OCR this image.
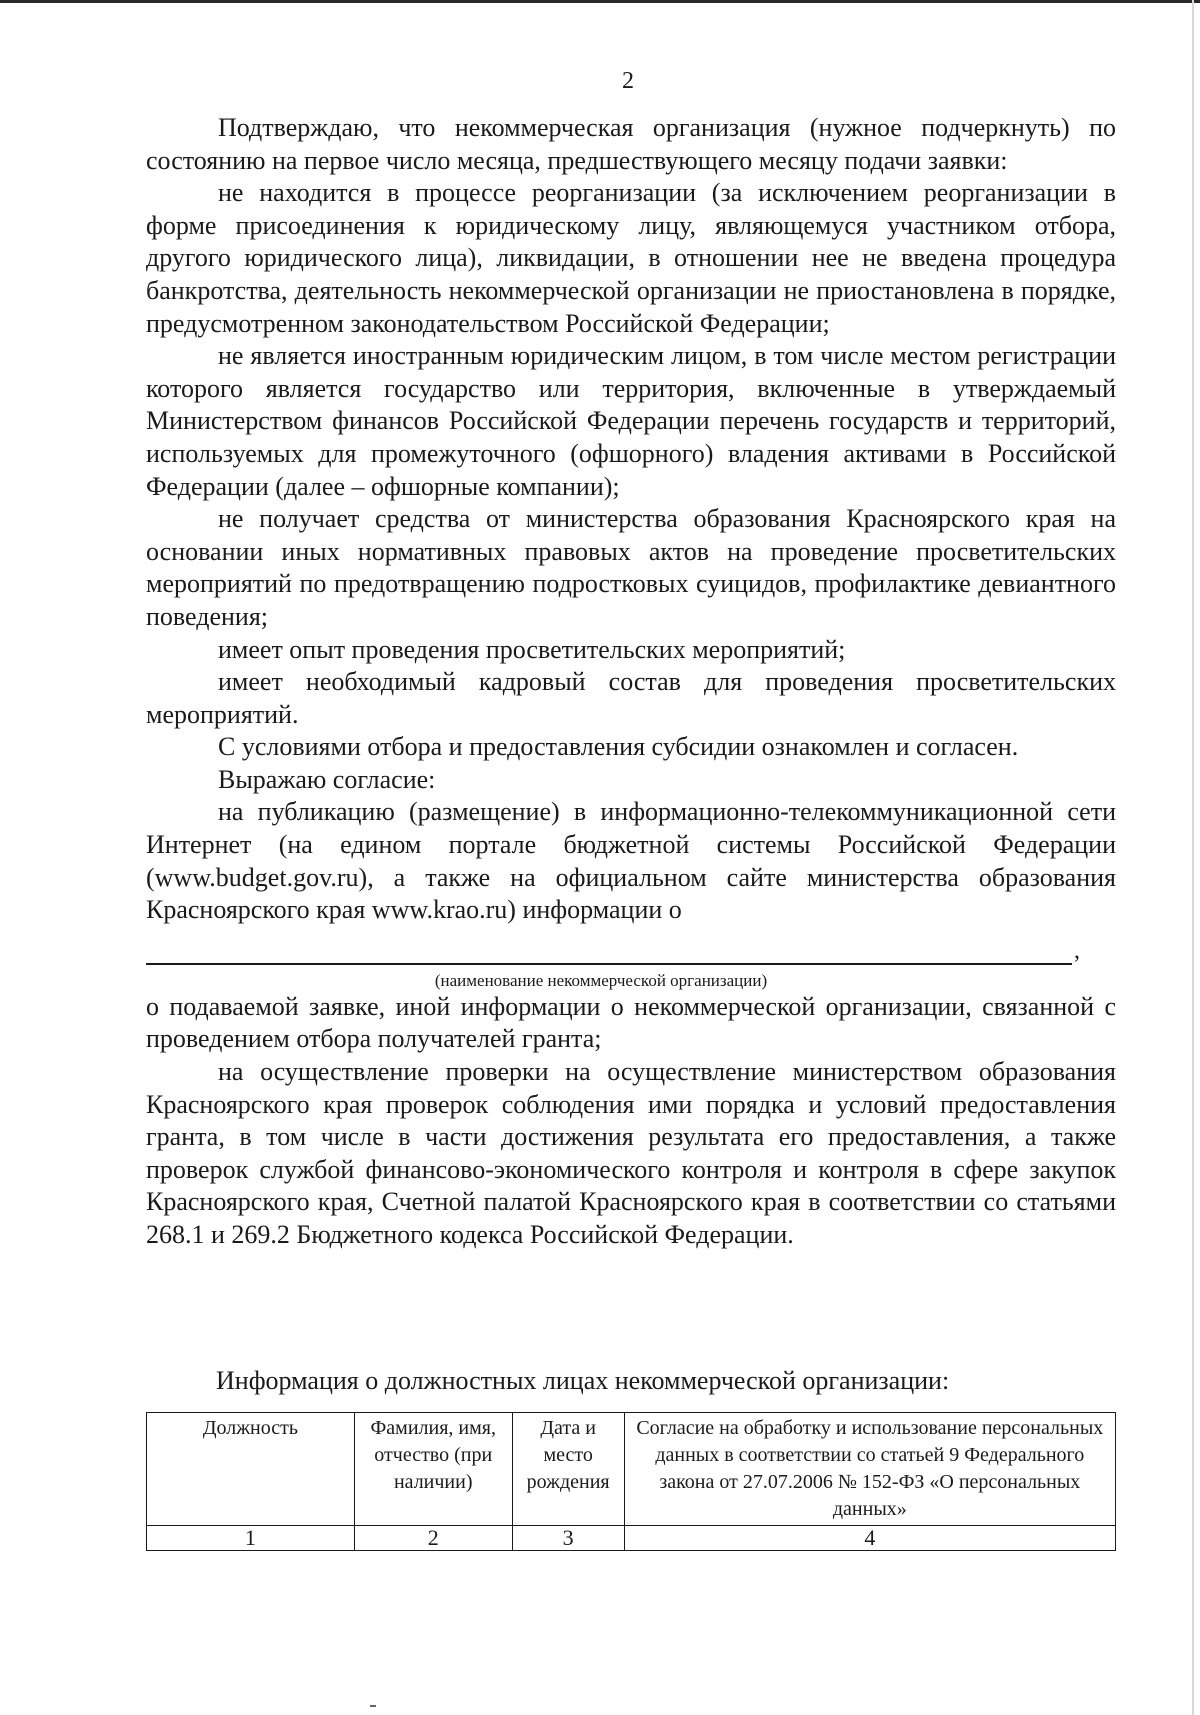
2

Подтверждаю, что некоммерческая организация (нужное подчеркнуть) по состоянию на первое число месяца, предшествующего месяцу подачи заявки:

не находится в процессе реорганизации (за исключением реорганизации в форме присоединения к юридическому лицу, являющемуся участником отбора, другого юридического лица), ликвидации, в отношении нее не введена процедура банкротства, деятельность некоммерческой организации не приостановлена в порядке, предусмотренном законодательством Российской Федерации;

не является иностранным юридическим лицом, в том числе местом регистрации которого является государство или территория, включенные в утверждаемый Министерством финансов Российской Федерации перечень государств и территорий, используемых для промежуточного (офшорного) владения активами в Российской Федерации (далее – офшорные компании);

не получает средства от министерства образования Красноярского края на основании иных нормативных правовых актов на проведение просветительских мероприятий по предотвращению подростковых суицидов, профилактике девиантного поведения;

имеет опыт проведения просветительских мероприятий;

имеет необходимый кадровый состав для проведения просветительских мероприятий.

С условиями отбора и предоставления субсидии ознакомлен и согласен.

Выражаю согласие:

на публикацию (размещение) в информационно-телекоммуникационной сети Интернет (на едином портале бюджетной системы Российской Федерации (www.budget.gov.ru), а также на официальном сайте министерства образования Красноярского края www.krao.ru) информации о

,

(наименование некоммерческой организации)

о подаваемой заявке, иной информации о некоммерческой организации, связанной с проведением отбора получателей гранта;

на осуществление проверки на осуществление министерством образования Красноярского края проверок соблюдения ими порядка и условий предоставления гранта, в том числе в части достижения результата его предоставления, а также проверок службой финансово-экономического контроля и контроля в сфере закупок Красноярского края, Счетной палатой Красноярского края в соответствии со статьями 268.1 и 269.2 Бюджетного кодекса Российской Федерации.

Информация о должностных лицах некоммерческой организации:
Должность	Фамилия, имя, отчество (при наличии)	Дата и место рождения	Согласие на обработку и использование персональных данных в соответствии со статьей 9 Федерального закона от 27.07.2006 № 152-ФЗ «О персональных данных»
1	2	3	4
